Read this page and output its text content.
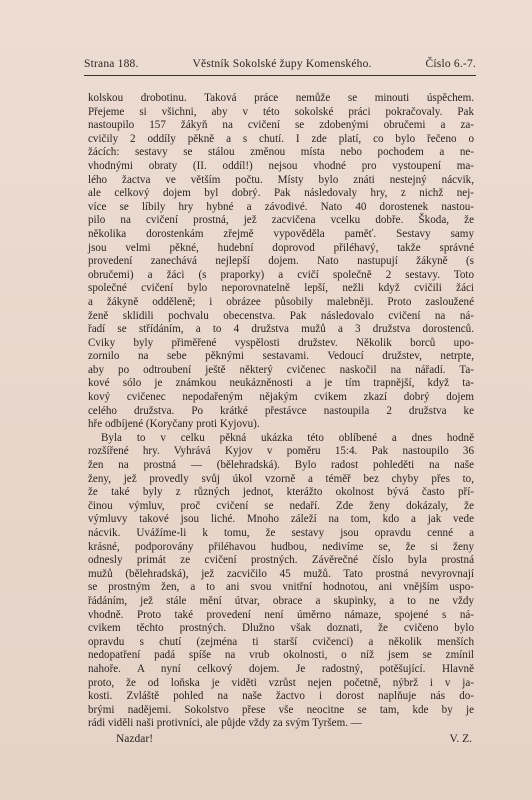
Strana 188.	Věstník Sokolské župy Komenského.	Číslo 6.-7.
kolskou drobotinu. Taková práce nemůže se minouti úspěchem.
Přejeme si všichni, aby v této sokolské práci pokračovaly. Pak
nastoupilo 157 žákyň na cvičení se zdobenými obručemi a za-
cvičily 2 oddíly pěkně a s chutí. I zde platí, co bylo řečeno o
žácích: sestavy se stálou změnou místa nebo pochodem a ne-
vhodnými obraty (II. oddíl!) nejsou vhodné pro vystoupení ma-
lého žactva ve větším počtu. Místy bylo znáti nestejný nácvik,
ale celkový dojem byl dobrý. Pak následovaly hry, z nichž nej-
více se líbily hry hybné a závodivé. Nato 40 dorostenek nastou-
pilo na cvičení prostná, jež zacvičena vcelku dobře. Škoda, že
několika dorostenkám zřejmě vypověděla paměť. Sestavy samy
jsou velmi pěkné, hudební doprovod přiléhavý, takže správné
provedení zanechává nejlepší dojem. Nato nastupují žákyně (s
obručemi) a žáci (s praporky) a cvičí společně 2 sestavy. Toto
společné cvičení bylo neporovnatelně lepší, nežli když cvičili žáci
a žákyně odděleně; i obrázee působily malebněji. Proto zasloužené
ženě sklidili pochvalu obecenstva. Pak následovalo cvičení na ná-
řadí se střídáním, a to 4 družstva mužů a 3 družstva dorostenců.
Cviky byly přiměřené vyspělosti družstev. Několik borců upo-
zornilo na sebe pěknými sestavami. Vedoucí družstev, netrpte,
aby po odtroubení ještě některý cvičenec naskočil na nářadí. Ta-
kové sólo je známkou neukázněnosti a je tím trapnější, když ta-
kový cvičenec nepodařeným nějakým cvikem zkazí dobrý dojem
celého družstva. Po krátké přestávce nastoupila 2 družstva ke
hře odbíjené (Koryčany proti Kyjovu).
Byla to v celku pěkná ukázka této oblíbené a dnes hodně
rozšířené hry. Vyhrává Kyjov v poměru 15:4. Pak nastoupilo 36
žen na prostná — (bělehradská). Bylo radost pohleděti na naše
ženy, jež provedly svůj úkol vzorně a téměř bez chyby přes to,
že také byly z různých jednot, kterážto okolnost bývá často pří-
činou výmluv, proč cvičení se nedaří. Zde ženy dokázaly, že
výmluvy takové jsou liché. Mnoho záleží na tom, kdo a jak vede
nácvik. Uvážíme-li k tomu, že sestavy jsou opravdu cenné a
krásné, podporovány přiléhavou hudbou, nedivíme se, že si ženy
odnesly primát ze cvičení prostných. Závěrečné číslo byla prostná
mužů (bělehradská), jež zacvičilo 45 mužů. Tato prostná nevyrovnají
se prostným žen, a to ani svou vnitřní hodnotou, ani vnějším uspo-
řádáním, jež stále mění útvar, obrace a skupinky, a to ne vždy
vhodně. Proto také provedení není úměrno námaze, spojené s ná-
cvikem těchto prostných. Dlužno však doznati, že cvičeno bylo
opravdu s chutí (zejména ti starší cvičenci) a několik menších
nedopatření padá spíše na vrub okolnosti, o níž jsem se zmínil
nahoře. A nyní celkový dojem. Je radostný, potěšující. Hlavně
proto, že od loňska je viděti vzrůst nejen početně, nýbrž i v ja-
kosti. Zvláště pohled na naše žactvo i dorost naplňuje nás do-
brými nadějemi. Sokolstvo přese vše neocitne se tam, kde by je
rádi viděli naši protivníci, ale půjde vždy za svým Tyršem. —
Nazdar!	V. Z.
